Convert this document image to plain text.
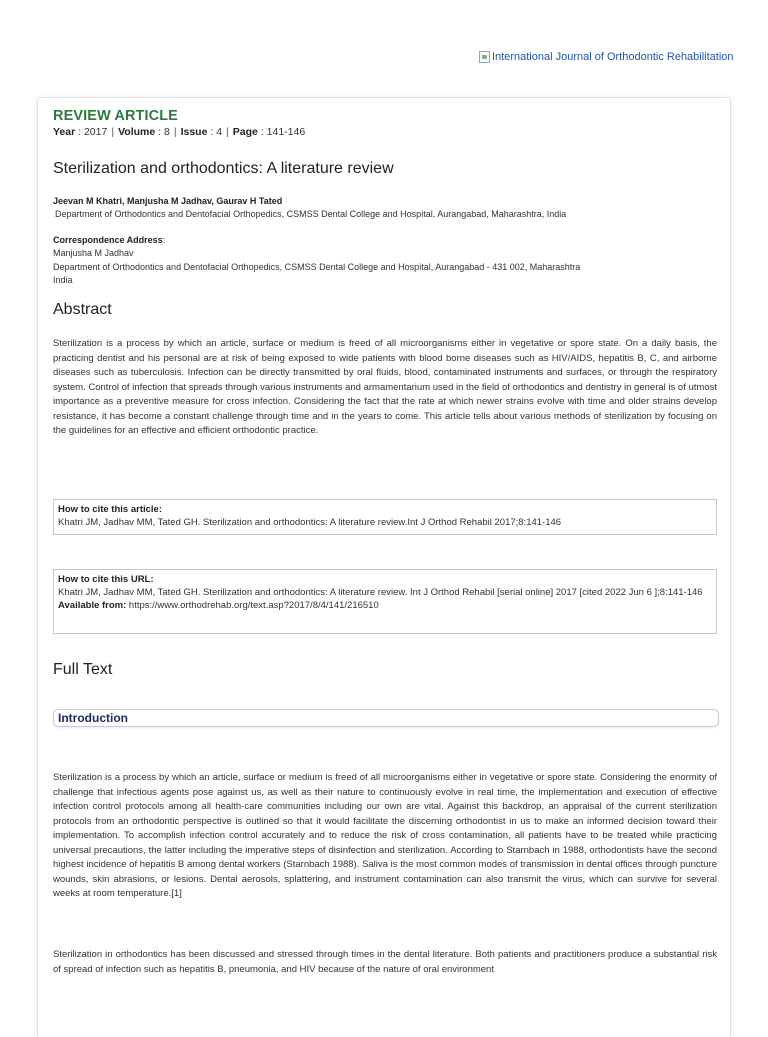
International Journal of Orthodontic Rehabilitation
REVIEW ARTICLE
Year : 2017 | Volume : 8 | Issue : 4 | Page : 141-146
Sterilization and orthodontics: A literature review
Jeevan M Khatri, Manjusha M Jadhav, Gaurav H Tated
Department of Orthodontics and Dentofacial Orthopedics, CSMSS Dental College and Hospital, Aurangabad, Maharashtra, India
Correspondence Address:
Manjusha M Jadhav
Department of Orthodontics and Dentofacial Orthopedics, CSMSS Dental College and Hospital, Aurangabad - 431 002, Maharashtra
India
Abstract

Sterilization is a process by which an article, surface or medium is freed of all microorganisms either in vegetative or spore state. On a daily basis, the practicing dentist and his personal are at risk of being exposed to wide patients with blood borne diseases such as HIV/AIDS, hepatitis B, C, and airborne diseases such as tuberculosis. Infection can be directly transmitted by oral fluids, blood, contaminated instruments and surfaces, or through the respiratory system. Control of infection that spreads through various instruments and armamentarium used in the field of orthodontics and dentistry in general is of utmost importance as a preventive measure for cross infection. Considering the fact that the rate at which newer strains evolve with time and older strains develop resistance, it has become a constant challenge through time and in the years to come. This article tells about various methods of sterilization by focusing on the guidelines for an effective and efficient orthodontic practice.

How to cite this article:
Khatri JM, Jadhav MM, Tated GH. Sterilization and orthodontics: A literature review.Int J Orthod Rehabil 2017;8:141-146
How to cite this URL:
Khatri JM, Jadhav MM, Tated GH. Sterilization and orthodontics: A literature review. Int J Orthod Rehabil [serial online] 2017 [cited 2022 Jun 6 ];8:141-146
Available from: https://www.orthodrehab.org/text.asp?2017/8/4/141/216510
Full Text
Introduction

Sterilization is a process by which an article, surface or medium is freed of all microorganisms either in vegetative or spore state. Considering the enormity of challenge that infectious agents pose against us, as well as their nature to continuously evolve in real time, the implementation and execution of effective infection control protocols among all health-care communities including our own are vital. Against this backdrop, an appraisal of the current sterilization protocols from an orthodontic perspective is outlined so that it would facilitate the discerning orthodontist in us to make an informed decision toward their implementation. To accomplish infection control accurately and to reduce the risk of cross contamination, all patients have to be treated while practicing universal precautions, the latter including the imperative steps of disinfection and sterilization. According to Starnbach in 1988, orthodontists have the second highest incidence of hepatitis B among dental workers (Starnbach 1988). Saliva is the most common modes of transmission in dental offices through puncture wounds, skin abrasions, or lesions. Dental aerosols, splattering, and instrument contamination can also transmit the virus, which can survive for several weeks at room temperature.[1]

Sterilization in orthodontics has been discussed and stressed through times in the dental literature. Both patients and practitioners produce a substantial risk of spread of infection such as hepatitis B, pneumonia, and HIV because of the nature of oral environment
